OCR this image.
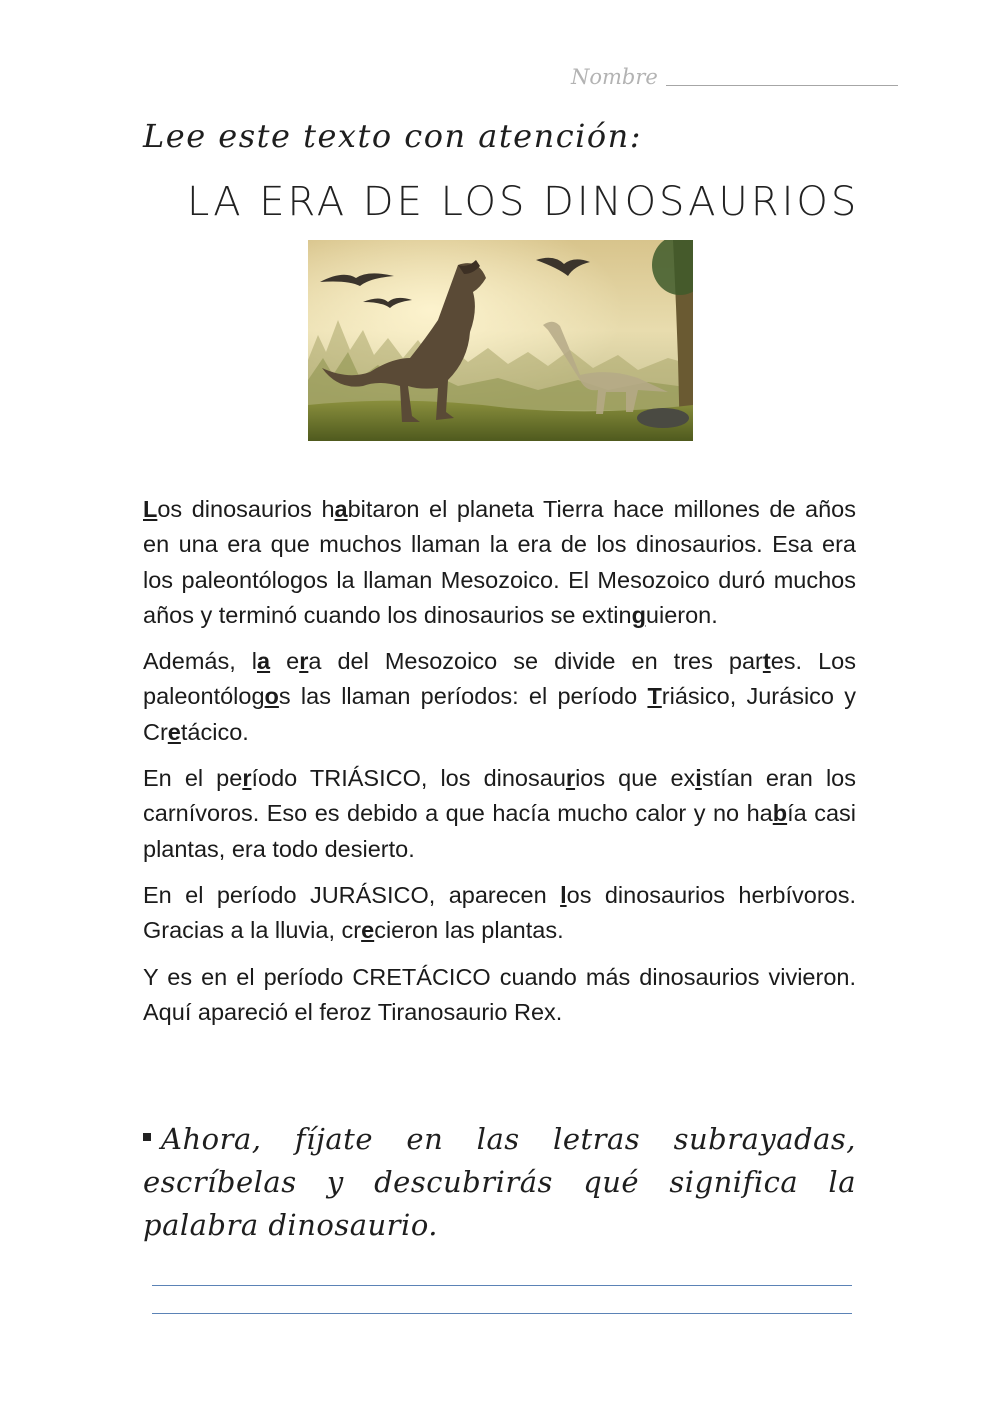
Nombre
Lee este texto con atención:
LA ERA DE LOS DINOSAURIOS

Los dinosaurios habitaron el planeta Tierra hace millones de años en una era que muchos llaman la era de los dinosaurios. Esa era los paleontólogos la llaman Mesozoico. El Mesozoico duró muchos años y terminó cuando los dinosaurios se extinguieron.

Además, la era del Mesozoico se divide en tres partes. Los paleontólogos las llaman períodos: el período Triásico, Jurásico y Cretácico.

En el período TRIÁSICO, los dinosaurios que existían eran los carnívoros. Eso es debido a que hacía mucho calor y no había casi plantas, era todo desierto.

En el período JURÁSICO, aparecen los dinosaurios herbívoros. Gracias a la lluvia, crecieron las plantas.

Y es en el período CRETÁCICO cuando más dinosaurios vivieron. Aquí apareció el feroz Tiranosaurio Rex.

Ahora, fíjate en las letras subrayadas, escríbelas y descubrirás qué significa la palabra dinosaurio.
